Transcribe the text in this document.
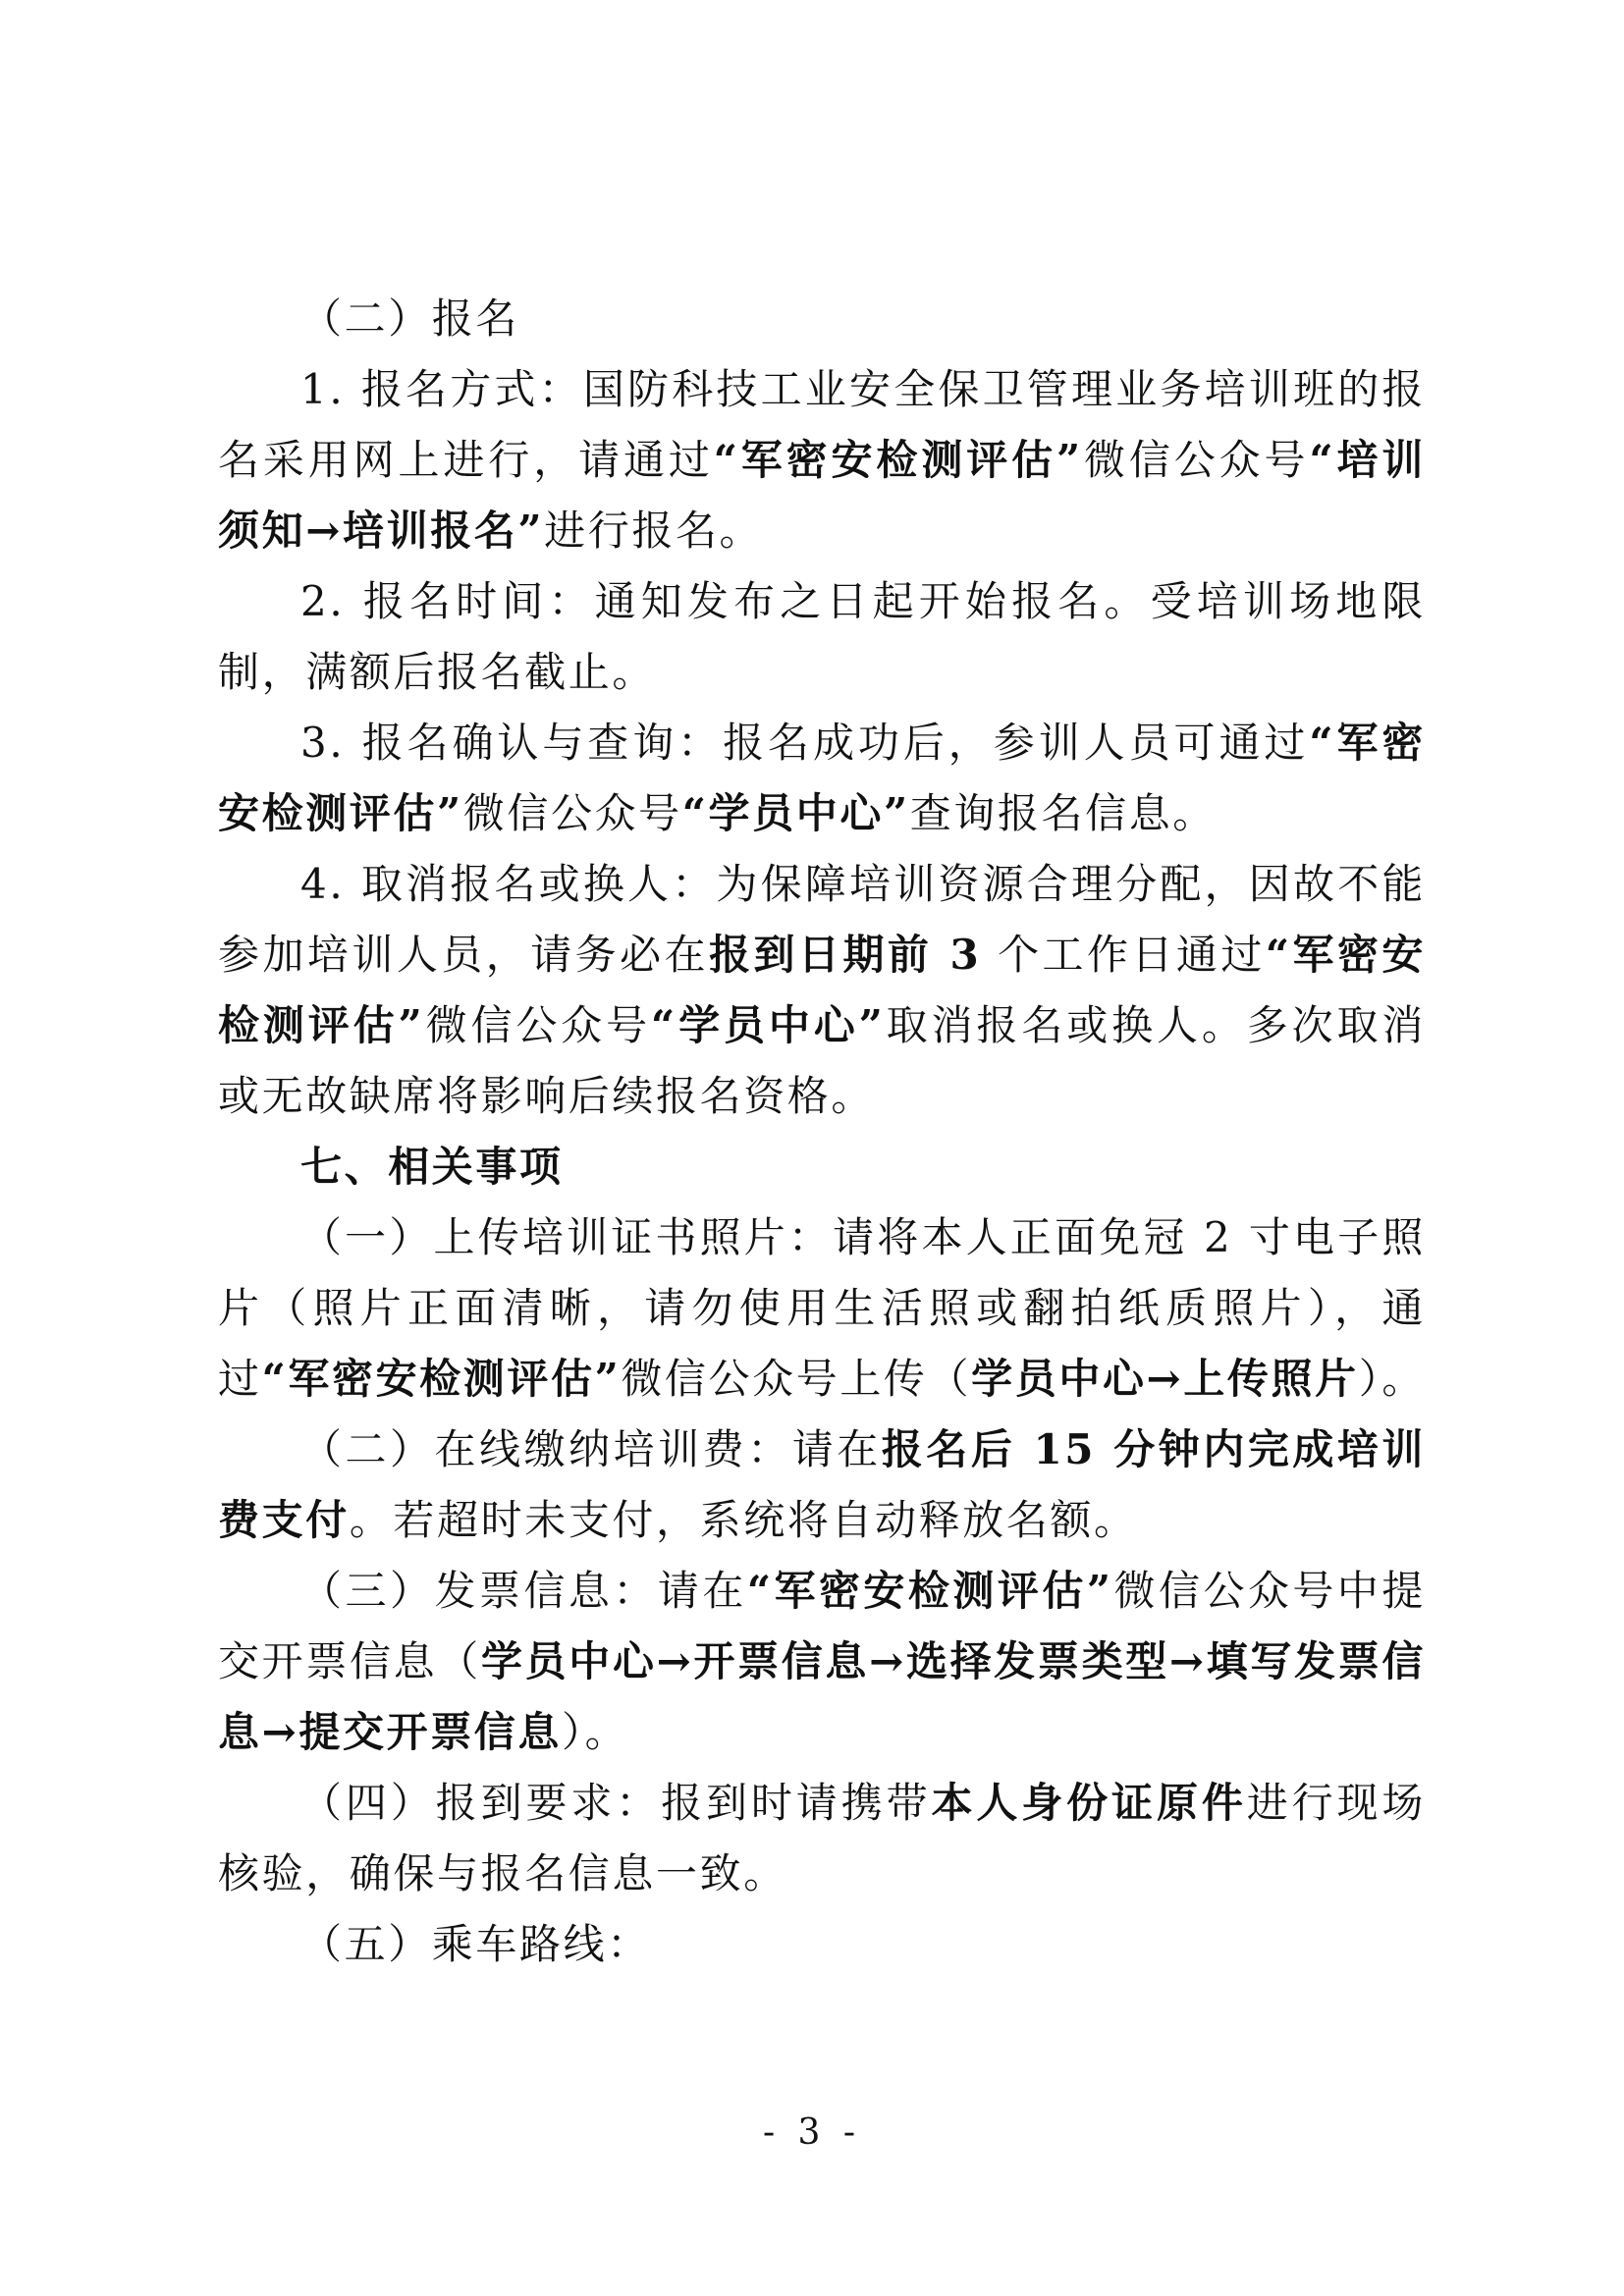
（二）报名

1. 报名方式：国防科技工业安全保卫管理业务培训班的报名采用网上进行，请通过“军密安检测评估”微信公众号“培训须知→培训报名”进行报名。

2. 报名时间：通知发布之日起开始报名。受培训场地限制，满额后报名截止。

3. 报名确认与查询：报名成功后，参训人员可通过“军密安检测评估”微信公众号“学员中心”查询报名信息。

4. 取消报名或换人：为保障培训资源合理分配，因故不能参加培训人员，请务必在报到日期前 3 个工作日通过“军密安检测评估”微信公众号“学员中心”取消报名或换人。多次取消或无故缺席将影响后续报名资格。

七、相关事项

（一）上传培训证书照片：请将本人正面免冠 2 寸电子照片（照片正面清晰，请勿使用生活照或翻拍纸质照片），通过“军密安检测评估”微信公众号上传（学员中心→上传照片）。

（二）在线缴纳培训费：请在报名后 15 分钟内完成培训费支付。若超时未支付，系统将自动释放名额。

（三）发票信息：请在“军密安检测评估”微信公众号中提交开票信息（学员中心→开票信息→选择发票类型→填写发票信息→提交开票信息）。

（四）报到要求：报到时请携带本人身份证原件进行现场核验，确保与报名信息一致。

（五）乘车路线：

- 3 -
